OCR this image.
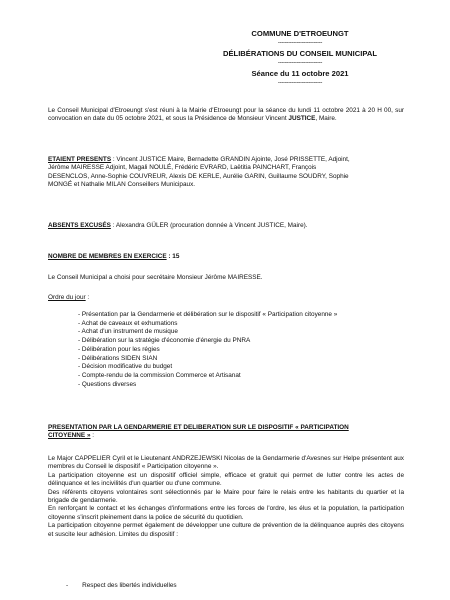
COMMUNE D'ETROEUNGT
--------------------------
DÉLIBÉRATIONS DU CONSEIL MUNICIPAL
--------------------------
Séance du 11 octobre 2021
--------------------------
Le Conseil Municipal d'Etroeungt s'est réuni à la Mairie d'Etroeungt pour la séance du lundi 11 octobre 2021 à 20 H 00, sur convocation en date du 05 octobre 2021, et sous la Présidence de Monsieur Vincent JUSTICE, Maire.
ETAIENT PRESENTS : Vincent JUSTICE Maire, Bernadette GRANDIN Ajointe, José PRISSETTE, Adjoint,
Jérôme MAIRESSE Adjoint, Magali NOULÉ, Frédéric EVRARD, Laëtitia PAINCHART, François
DESENCLOS, Anne-Sophie COUVREUR, Alexis DE KERLE, Aurélie GARIN, Guillaume SOUDRY, Sophie
MONGÉ et Nathalie MILAN Conseillers Municipaux.
ABSENTS EXCUSÉS : Alexandra GÜLER (procuration donnée à Vincent JUSTICE, Maire).
NOMBRE DE MEMBRES EN EXERCICE : 15
Le Conseil Municipal a choisi pour secrétaire Monsieur Jérôme MAIRESSE.
Ordre du jour :
- Présentation par la Gendarmerie et délibération sur le dispositif « Participation citoyenne »
- Achat de caveaux et exhumations
- Achat d'un instrument de musique
- Délibération sur la stratégie d'économie d'énergie du PNRA
- Délibération pour les régies
- Délibérations SIDEN SIAN
- Décision modificative du budget
- Compte-rendu de la commission Commerce et Artisanat
- Questions diverses
PRESENTATION PAR LA GENDARMERIE ET DELIBERATION SUR LE DISPOSITIF « PARTICIPATION
CITOYENNE » :
Le Major CAPPELIER Cyril et le Lieutenant ANDRZEJEWSKI Nicolas de la Gendarmerie d'Avesnes sur Helpe présentent aux membres du Conseil le dispositif « Participation citoyenne ».
La participation citoyenne est un dispositif officiel simple, efficace et gratuit qui permet de lutter contre les actes de délinquance et les incivilités d'un quartier ou d'une commune.
Des référents citoyens volontaires sont sélectionnés par le Maire pour faire le relais entre les habitants du quartier et la brigade de gendarmerie.
En renforçant le contact et les échanges d'informations entre les forces de l'ordre, les élus et la population, la participation citoyenne s'inscrit pleinement dans la police de sécurité du quotidien.
La participation citoyenne permet également de développer une culture de prévention de la délinquance auprès des citoyens et suscite leur adhésion. Limites du dispositif :
- Respect des libertés individuelles
